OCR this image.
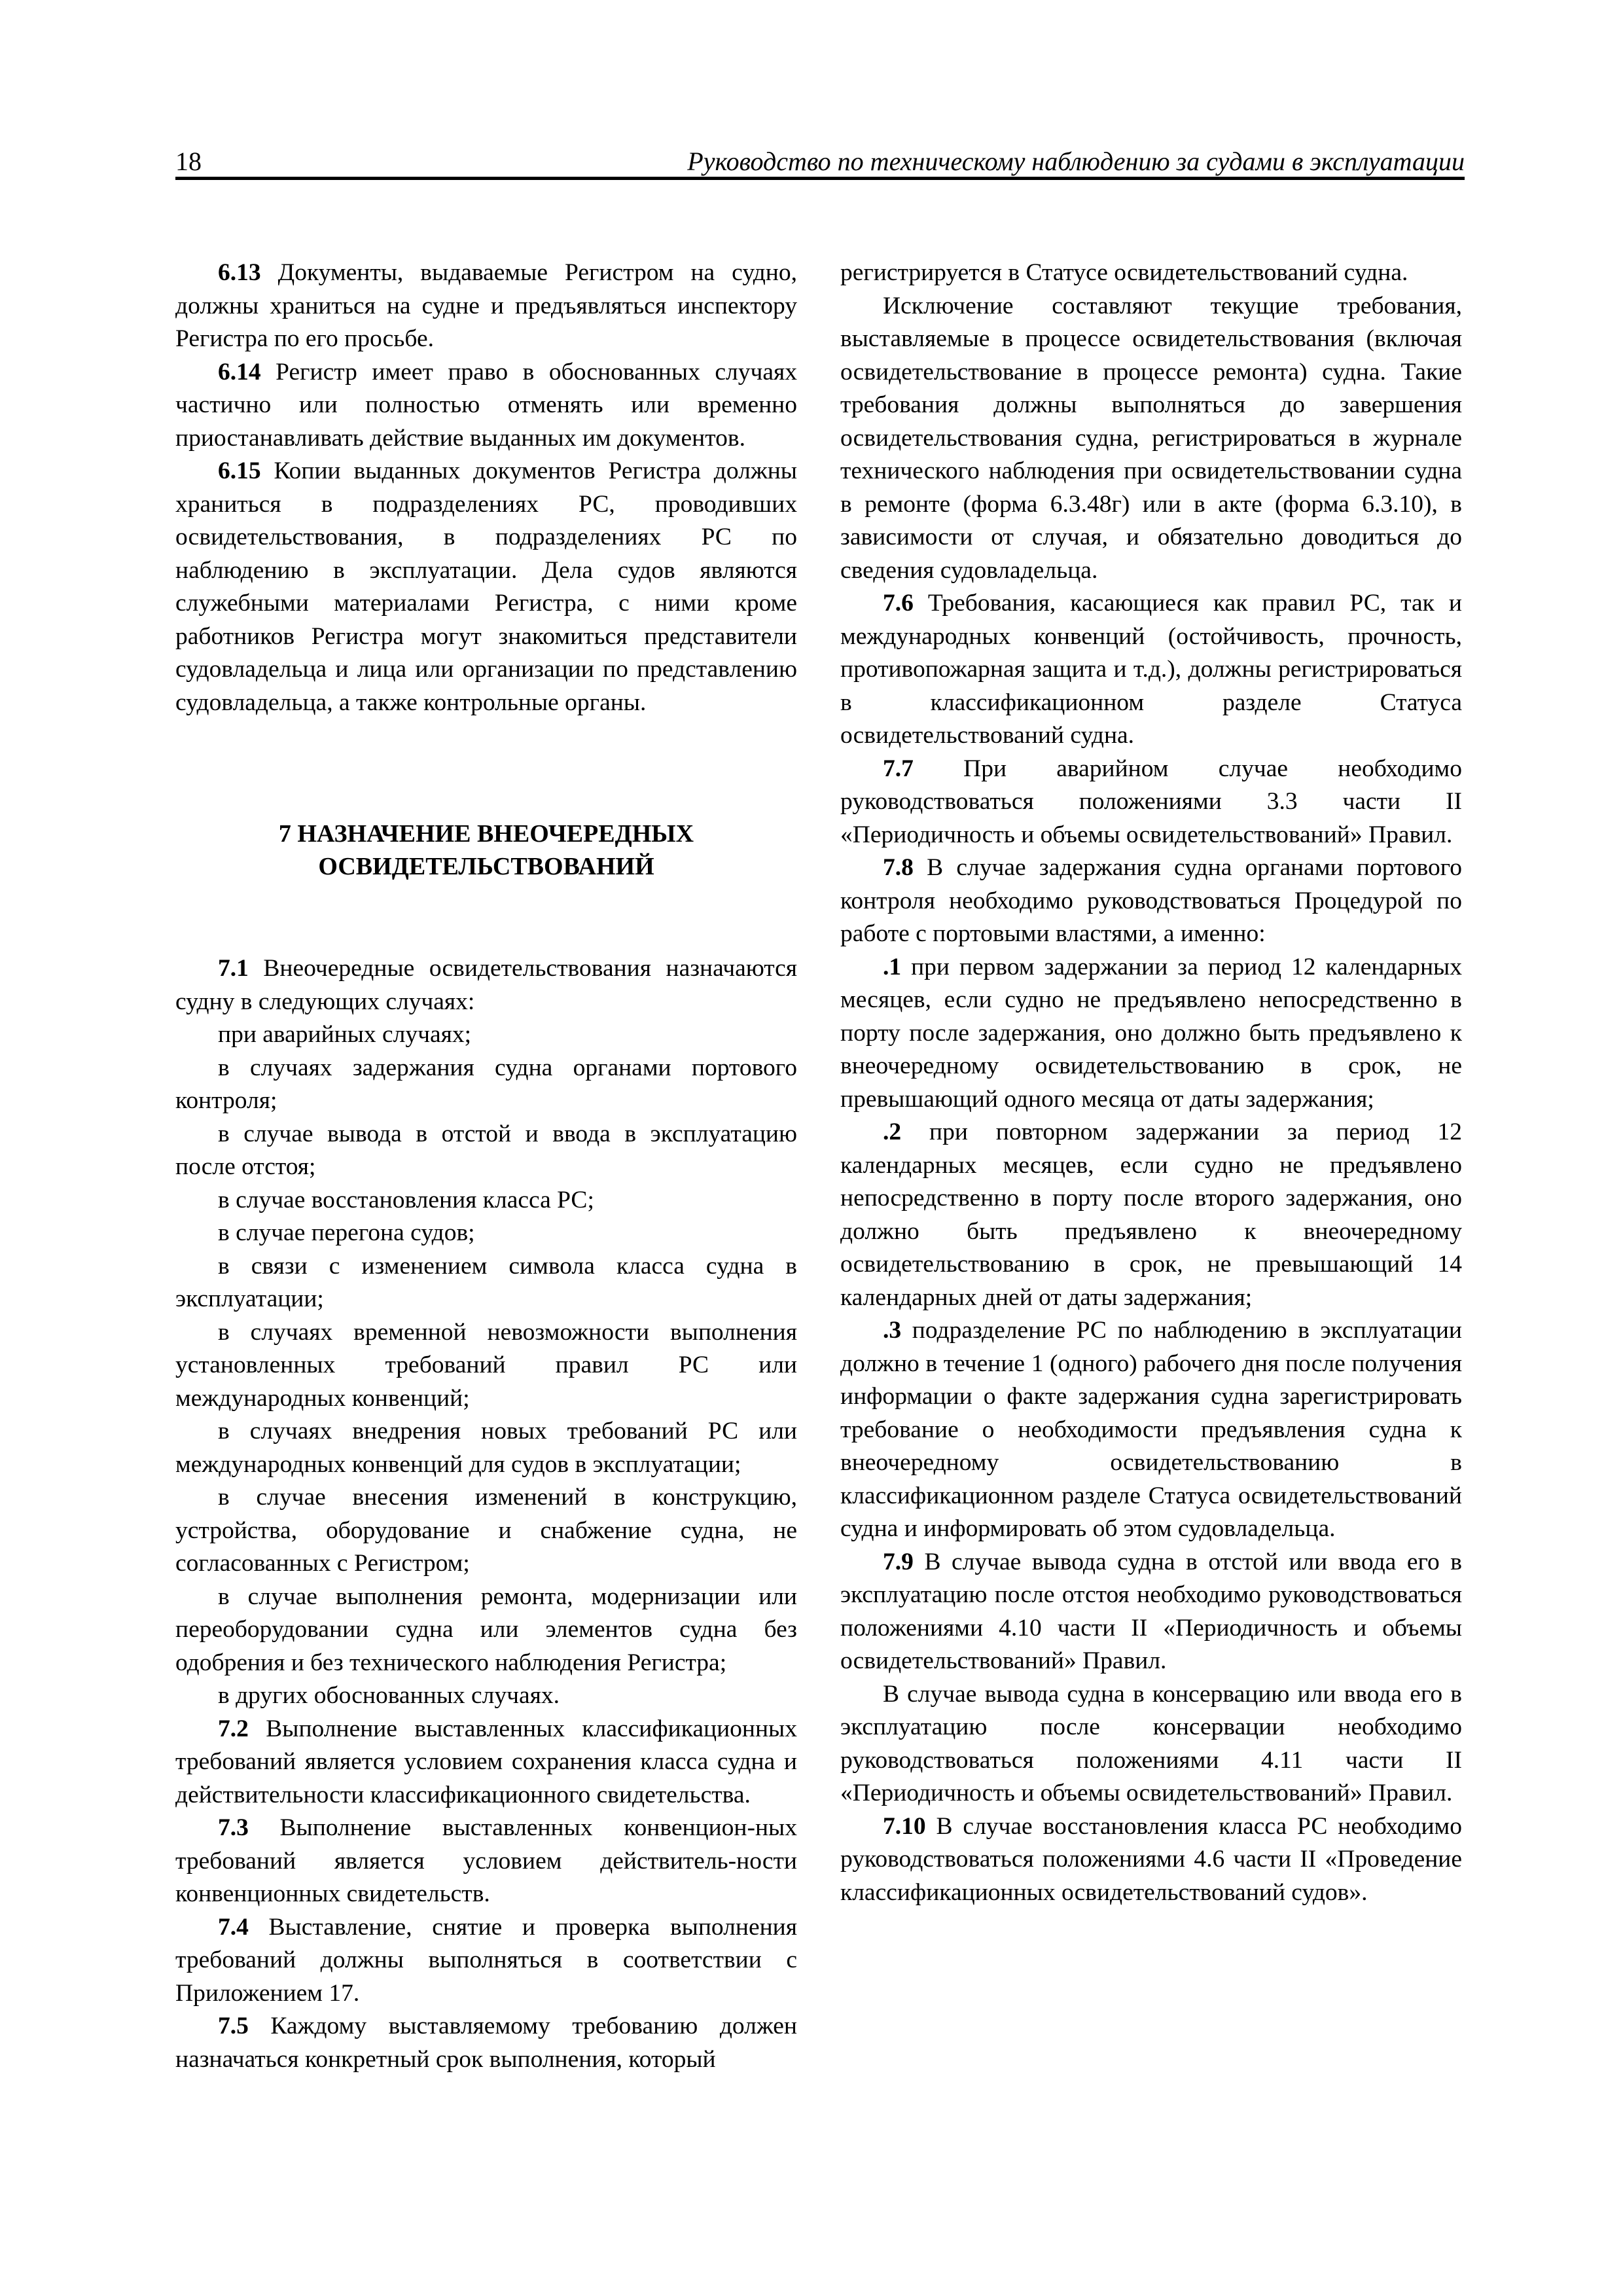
18	Руководство по техническому наблюдению за судами в эксплуатации

6.13 Документы, выдаваемые Регистром на судно, должны храниться на судне и предъявляться инспектору Регистра по его просьбе.

6.14 Регистр имеет право в обоснованных случаях частично или полностью отменять или временно приостанавливать действие выданных им документов.

6.15 Копии выданных документов Регистра должны храниться в подразделениях РС, проводивших освидетельствования, в подразделениях РС по наблюдению в эксплуатации. Дела судов являются служебными материалами Регистра, с ними кроме работников Регистра могут знакомиться представители судовладельца и лица или организации по представлению судовладельца, а также контрольные органы.

7 НАЗНАЧЕНИЕ ВНЕОЧЕРЕДНЫХ
ОСВИДЕТЕЛЬСТВОВАНИЙ

7.1 Внеочередные освидетельствования назначаются судну в следующих случаях:

при аварийных случаях;

в случаях задержания судна органами портового контроля;

в случае вывода в отстой и ввода в эксплуатацию после отстоя;

в случае восстановления класса РС;

в случае перегона судов;

в связи с изменением символа класса судна в эксплуатации;

в случаях временной невозможности выполнения установленных требований правил РС или международных конвенций;

в случаях внедрения новых требований РС или международных конвенций для судов в эксплуатации;

в случае внесения изменений в конструкцию, устройства, оборудование и снабжение судна, не согласованных с Регистром;

в случае выполнения ремонта, модернизации или переоборудовании судна или элементов судна без одобрения и без технического наблюдения Регистра;

в других обоснованных случаях.

7.2 Выполнение выставленных классификационных требований является условием сохранения класса судна и действительности классификационного свидетельства.

7.3 Выполнение выставленных конвенцион-ных требований является условием действитель-ности конвенционных свидетельств.

7.4 Выставление, снятие и проверка выполнения требований должны выполняться в соответствии с Приложением 17.

7.5 Каждому выставляемому требованию должен назначаться конкретный срок выполнения, который

регистрируется в Статусе освидетельствований судна.

Исключение составляют текущие требования, выставляемые в процессе освидетельствования (включая освидетельствование в процессе ремонта) судна. Такие требования должны выполняться до завершения освидетельствования судна, регистрироваться в журнале технического наблюдения при освидетельствовании судна в ремонте (форма 6.3.48г) или в акте (форма 6.3.10), в зависимости от случая, и обязательно доводиться до сведения судовладельца.

7.6 Требования, касающиеся как правил РС, так и международных конвенций (остойчивость, прочность, противопожарная защита и т.д.), должны регистрироваться в классификационном разделе Статуса освидетельствований судна.

7.7 При аварийном случае необходимо руководствоваться положениями 3.3 части II «Периодичность и объемы освидетельствований» Правил.

7.8 В случае задержания судна органами портового контроля необходимо руководствоваться Процедурой по работе с портовыми властями, а именно:

.1 при первом задержании за период 12 календарных месяцев, если судно не предъявлено непосредственно в порту после задержания, оно должно быть предъявлено к внеочередному освидетельствованию в срок, не превышающий одного месяца от даты задержания;

.2 при повторном задержании за период 12 календарных месяцев, если судно не предъявлено непосредственно в порту после второго задержания, оно должно быть предъявлено к внеочередному освидетельствованию в срок, не превышающий 14 календарных дней от даты задержания;

.3 подразделение РС по наблюдению в эксплуатации должно в течение 1 (одного) рабочего дня после получения информации о факте задержания судна зарегистрировать требование о необходимости предъявления судна к внеочередному освидетельствованию в классификационном разделе Статуса освидетельствований судна и информировать об этом судовладельца.

7.9 В случае вывода судна в отстой или ввода его в эксплуатацию после отстоя необходимо руководствоваться положениями 4.10 части II «Периодичность и объемы освидетельствований» Правил.

В случае вывода судна в консервацию или ввода его в эксплуатацию после консервации необходимо руководствоваться положениями 4.11 части II «Периодичность и объемы освидетельствований» Правил.

7.10 В случае восстановления класса РС необходимо руководствоваться положениями 4.6 части II «Проведение классификационных освидетельствований судов».
